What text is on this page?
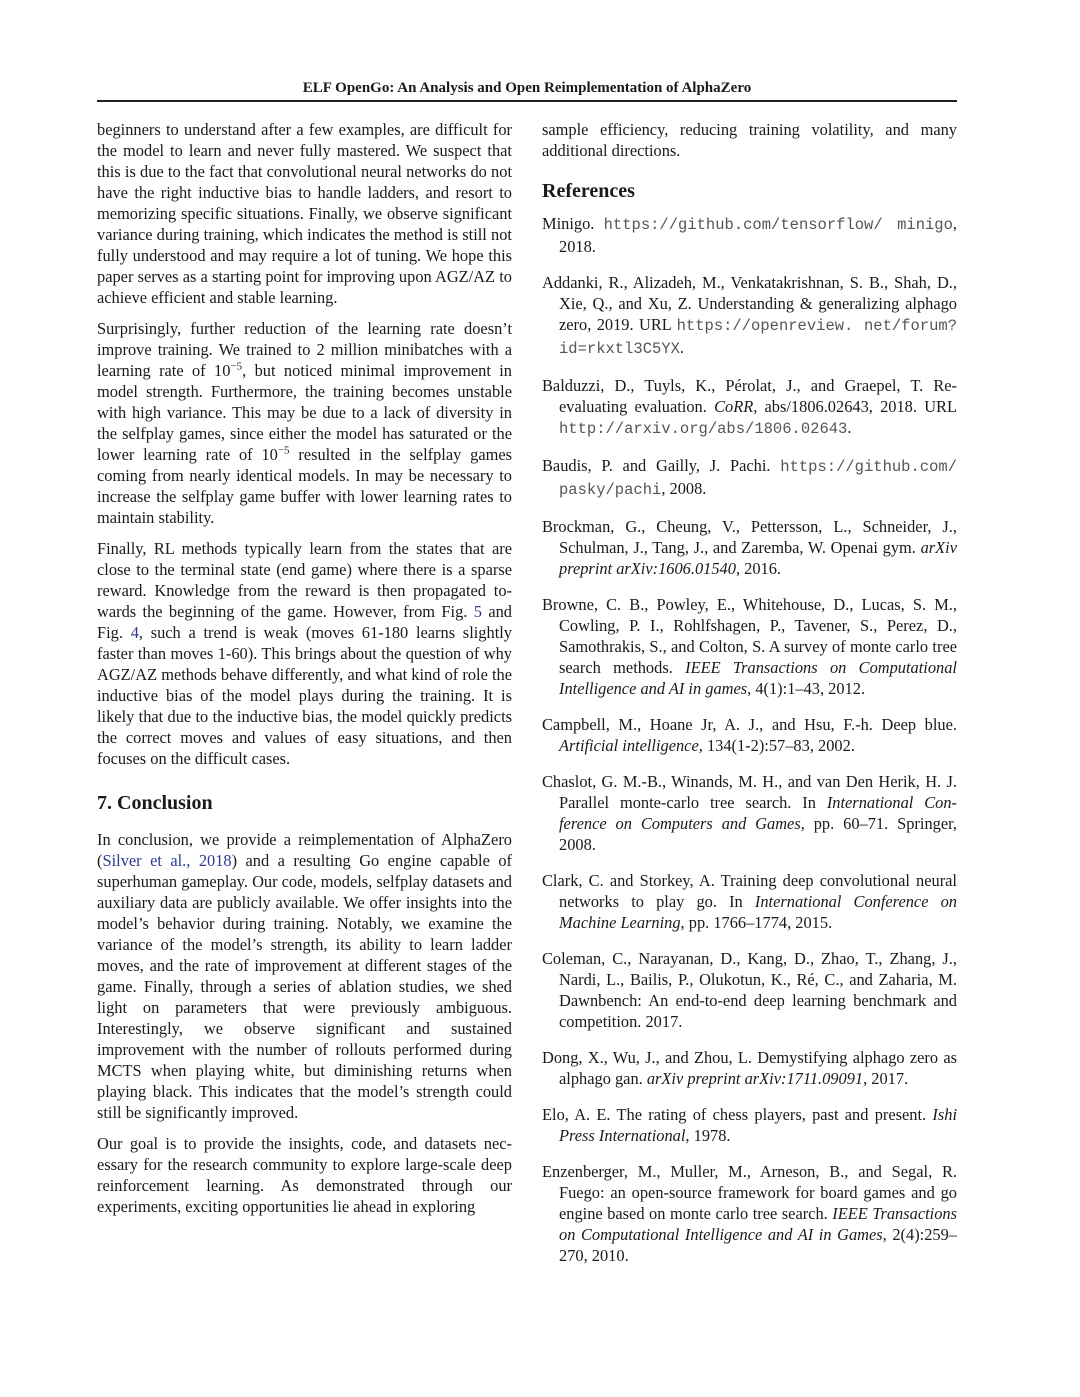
ELF OpenGo: An Analysis and Open Reimplementation of AlphaZero

beginners to understand after a few examples, are difficult for the model to learn and never fully mastered. We suspect that this is due to the fact that convolutional neural networks do not have the right inductive bias to handle ladders, and resort to memorizing specific situations. Finally, we observe significant variance during training, which indicates the method is still not fully understood and may require a lot of tuning. We hope this paper serves as a starting point for improving upon AGZ/AZ to achieve efficient and stable learning.

Surprisingly, further reduction of the learning rate doesn’t improve training. We trained to 2 million minibatches with a learning rate of $10^{-5}$, but noticed minimal improvement in model strength. Furthermore, the training becomes unstable with high variance. This may be due to a lack of diversity in the selfplay games, since either the model has saturated or the lower learning rate of $10^{-5}$ resulted in the selfplay games coming from nearly identical models. In may be necessary to increase the selfplay game buffer with lower learning rates to maintain stability.

Finally, RL methods typically learn from the states that are close to the terminal state (end game) where there is a sparse reward. Knowledge from the reward is then propagated towards the beginning of the game. However, from Fig. 5 and Fig. 4, such a trend is weak (moves 61-180 learns slightly faster than moves 1-60). This brings about the question of why AGZ/AZ methods behave differently, and what kind of role the inductive bias of the model plays during the training. It is likely that due to the inductive bias, the model quickly predicts the correct moves and values of easy situations, and then focuses on the difficult cases.

7. Conclusion

In conclusion, we provide a reimplementation of AlphaZero (Silver et al., 2018) and a resulting Go engine capable of superhuman gameplay. Our code, models, selfplay datasets and auxiliary data are publicly available. We offer insights into the model’s behavior during training. Notably, we examine the variance of the model’s strength, its ability to learn ladder moves, and the rate of improvement at different stages of the game. Finally, through a series of ablation studies, we shed light on parameters that were previously ambiguous. Interestingly, we observe significant and sustained improvement with the number of rollouts performed during MCTS when playing white, but diminishing returns when playing black. This indicates that the model’s strength could still be significantly improved.

Our goal is to provide the insights, code, and datasets necessary for the research community to explore large-scale deep reinforcement learning. As demonstrated through our experiments, exciting opportunities lie ahead in exploring

sample efficiency, reducing training volatility, and many additional directions.

References

Minigo. https://github.com/tensorflow/ minigo, 2018.

Addanki, R., Alizadeh, M., Venkatakrishnan, S. B., Shah, D., Xie, Q., and Xu, Z. Understanding & generalizing alphago zero, 2019. URL https://openreview. net/forum?id=rkxtl3C5YX.

Balduzzi, D., Tuyls, K., Pérolat, J., and Graepel, T. Reevaluating evaluation. CoRR, abs/1806.02643, 2018. URL http://arxiv.org/abs/1806.02643.

Baudis, P. and Gailly, J. Pachi. https://github.com/ pasky/pachi, 2008.

Brockman, G., Cheung, V., Pettersson, L., Schneider, J., Schulman, J., Tang, J., and Zaremba, W. Openai gym. arXiv preprint arXiv:1606.01540, 2016.

Browne, C. B., Powley, E., Whitehouse, D., Lucas, S. M., Cowling, P. I., Rohlfshagen, P., Tavener, S., Perez, D., Samothrakis, S., and Colton, S. A survey of monte carlo tree search methods. IEEE Transactions on Computational Intelligence and AI in games, 4(1):1–43, 2012.

Campbell, M., Hoane Jr, A. J., and Hsu, F.-h. Deep blue. Artificial intelligence, 134(1-2):57–83, 2002.

Chaslot, G. M.-B., Winands, M. H., and van Den Herik, H. J. Parallel monte-carlo tree search. In International Conference on Computers and Games, pp. 60–71. Springer, 2008.

Clark, C. and Storkey, A. Training deep convolutional neural networks to play go. In International Conference on Machine Learning, pp. 1766–1774, 2015.

Coleman, C., Narayanan, D., Kang, D., Zhao, T., Zhang, J., Nardi, L., Bailis, P., Olukotun, K., Ré, C., and Zaharia, M. Dawnbench: An end-to-end deep learning benchmark and competition. 2017.

Dong, X., Wu, J., and Zhou, L. Demystifying alphago zero as alphago gan. arXiv preprint arXiv:1711.09091, 2017.

Elo, A. E. The rating of chess players, past and present. Ishi Press International, 1978.

Enzenberger, M., Muller, M., Arneson, B., and Segal, R. Fuego: an open-source framework for board games and go engine based on monte carlo tree search. IEEE Transactions on Computational Intelligence and AI in Games, 2(4):259–270, 2010.
